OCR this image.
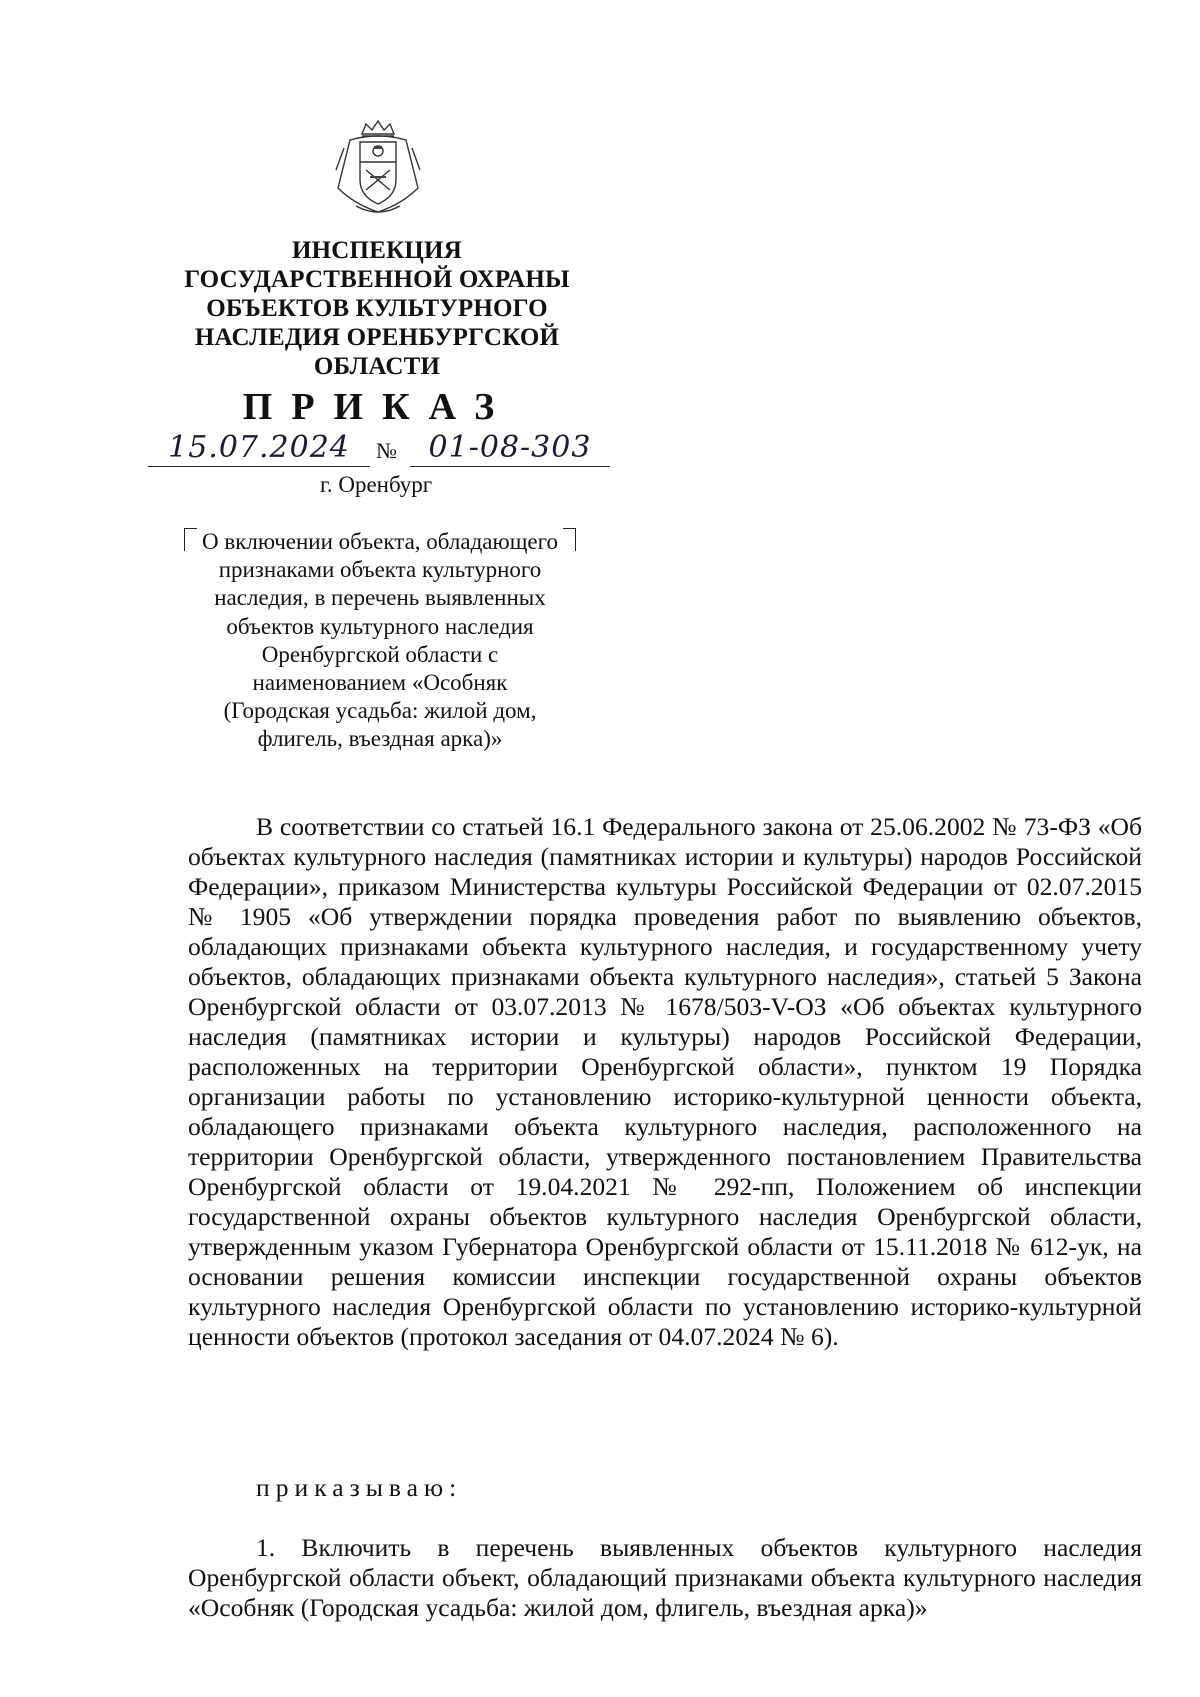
ИНСПЕКЦИЯ
ГОСУДАРСТВЕННОЙ ОХРАНЫ
ОБЪЕКТОВ КУЛЬТУРНОГО
НАСЛЕДИЯ ОРЕНБУРГСКОЙ
ОБЛАСТИ
ПРИКАЗ
15.07.2024	№	01-08-303
г. Оренбург

О включении объекта, обладающего признаками объекта культурного наследия, в перечень выявленных объектов культурного наследия Оренбургской области с наименованием «Особняк (Городская усадьба: жилой дом, флигель, въездная арка)»

В соответствии со статьей 16.1 Федерального закона от 25.06.2002 № 73-ФЗ «Об объектах культурного наследия (памятниках истории и культуры) народов Российской Федерации», приказом Министерства культуры Российской Федерации от 02.07.2015 № 1905 «Об утверждении порядка проведения работ по выявлению объектов, обладающих признаками объекта культурного наследия, и государственному учету объектов, обладающих признаками объекта культурного наследия», статьей 5 Закона Оренбургской области от 03.07.2013 № 1678/503-V-ОЗ «Об объектах культурного наследия (памятниках истории и культуры) народов Российской Федерации, расположенных на территории Оренбургской области», пунктом 19 Порядка организации работы по установлению историко-культурной ценности объекта, обладающего признаками объекта культурного наследия, расположенного на территории Оренбургской области, утвержденного постановлением Правительства Оренбургской области от 19.04.2021 № 292-пп, Положением об инспекции государственной охраны объектов культурного наследия Оренбургской области, утвержденным указом Губернатора Оренбургской области от 15.11.2018 № 612-ук, на основании решения комиссии инспекции государственной охраны объектов культурного наследия Оренбургской области по установлению историко-культурной ценности объектов (протокол заседания от 04.07.2024 № 6).

приказываю:

1. Включить в перечень выявленных объектов культурного наследия Оренбургской области объект, обладающий признаками объекта культурного наследия «Особняк (Городская усадьба: жилой дом, флигель, въездная арка)»
